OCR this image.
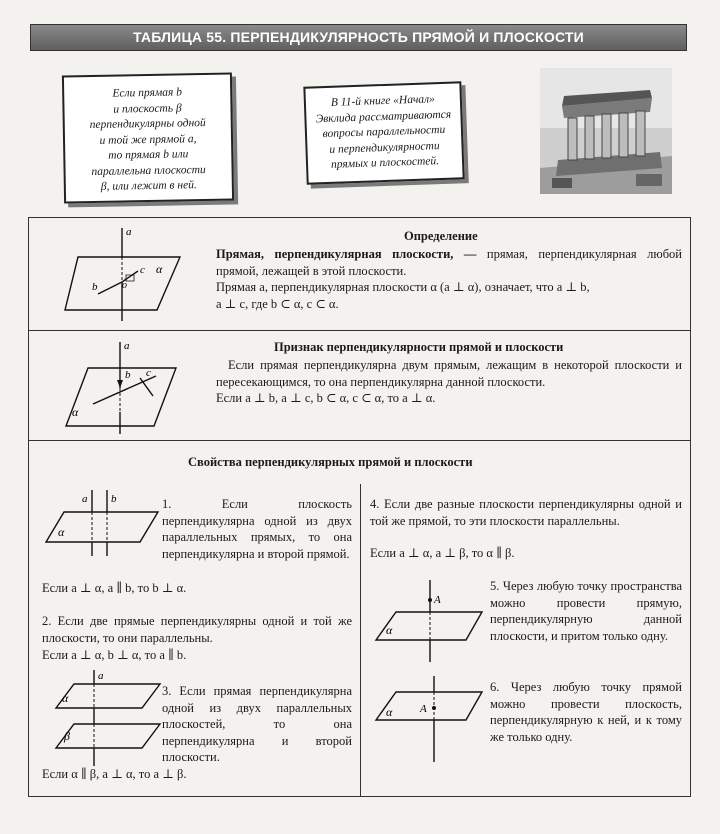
ТАБЛИЦА 55. ПЕРПЕНДИКУЛЯРНОСТЬ ПРЯМОЙ И ПЛОСКОСТИ
Если прямая b
и плоскость β
перпендикулярны одной
и той же прямой a,
то прямая b или
параллельна плоскости
β, или лежит в ней.
В 11-й книге «Начал»
Эвклида рассматриваются
вопросы параллельности
и перпендикулярности
прямых и плоскостей.
a
c
b o
α
Определение
Прямая, перпендикулярная плоскости, — прямая, перпендикулярная любой прямой, лежащей в этой плоскости.
Прямая a, перпендикулярная плоскости α (a ⊥ α), означает, что a ⊥ b,
a ⊥ c, где b ⊂ α, c ⊂ α.
a
b c
α
Признак перпендикулярности прямой и плоскости
Если прямая перпендикулярна двум прямым, лежащим в некоторой плоскости и пересекающимся, то она перпендикулярна данной плоскости.
Если a ⊥ b, a ⊥ c, b ⊂ α, c ⊂ α, то a ⊥ α.
Свойства перпендикулярных прямой и плоскости
a b
α
1. Если плоскость перпендикулярна одной из двух параллельных прямых, то она перпендикулярна и второй прямой.
Если a ⊥ α, a ∥ b, то b ⊥ α.
2. Если две прямые перпендикулярны одной и той же плоскости, то они параллельны.
Если a ⊥ α, b ⊥ α, то a ∥ b.
a
α
β
3. Если прямая перпендикулярна одной из двух параллельных плоскостей, то она перпендикулярна и второй плоскости.
Если α ∥ β, a ⊥ α, то a ⊥ β.
4. Если две разные плоскости перпендикулярны одной и той же прямой, то эти плоскости параллельны.
Если a ⊥ α, a ⊥ β, то α ∥ β.
A
α
5. Через любую точку пространства можно провести прямую, перпендикулярную данной плоскости, и притом только одну.
A
α
6. Через любую точку прямой можно провести плоскость, перпендикулярную к ней, и к тому же только одну.
